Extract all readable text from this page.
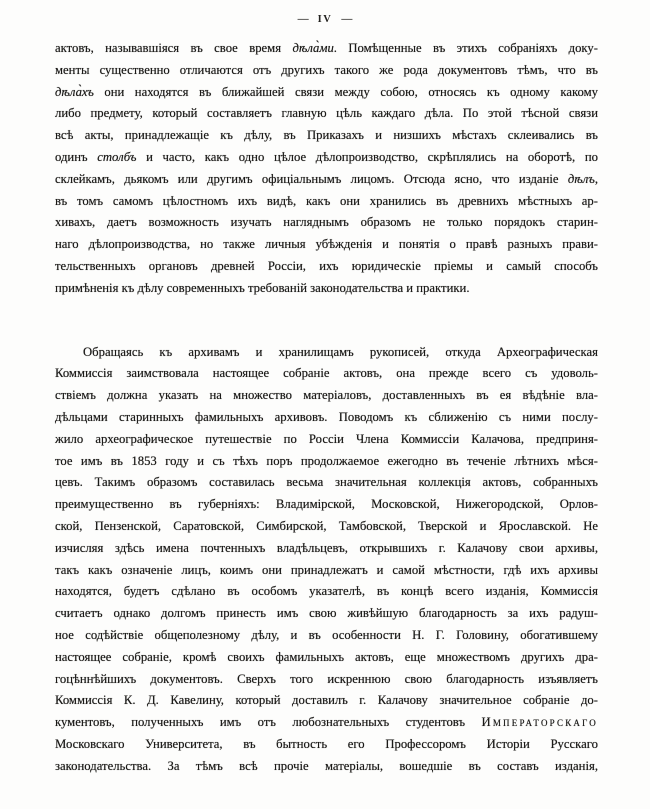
— IV —
актовъ, называвшіяся въ свое время дѣла̀ми. Помѣщенные въ этихъ собраніяхъ доку-
менты существенно отличаются отъ другихъ такого же рода документовъ тѣмъ, что въ
дѣла̀хъ они находятся въ ближайшей связи между собою, относясь къ одному какому
либо предмету, который составляетъ главную цѣль каждаго дѣла. По этой тѣсной связи
всѣ акты, принадлежащіе къ дѣлу, въ Приказахъ и низшихъ мѣстахъ склеивались въ
одинъ столбъ и часто, какъ одно цѣлое дѣлопроизводство, скрѣплялись на оборотѣ, по
склейкамъ, дьякомъ или другимъ офиціальнымъ лицомъ. Отсюда ясно, что изданіе дѣлъ,
въ томъ самомъ цѣлостномъ ихъ видѣ, какъ они хранились въ древнихъ мѣстныхъ ар-
хивахъ, даетъ возможность изучать нагляднымъ образомъ не только порядокъ старин-
наго дѣлопроизводства, но также личныя убѣжденія и понятія о правѣ разныхъ прави-
тельственныхъ органовъ древней Россіи, ихъ юридическіе пріемы и самый способъ
примѣненія къ дѣлу современныхъ требованій законодательства и практики.
Обращаясь къ архивамъ и хранилищамъ рукописей, откуда Археографическая
Коммиссія заимствовала настоящее собраніе актовъ, она прежде всего съ удоволь-
ствіемъ должна указать на множество матеріаловъ, доставленныхъ въ ея вѣдѣніе вла-
дѣльцами старинныхъ фамильныхъ архивовъ. Поводомъ къ сближенію съ ними послу-
жило археографическое путешествіе по Россіи Члена Коммиссіи Калачова, предприня-
тое имъ въ 1853 году и съ тѣхъ поръ продолжаемое ежегодно въ теченіе лѣтнихъ мѣся-
цевъ. Такимъ образомъ составилась весьма значительная коллекція актовъ, собранныхъ
преимущественно въ губерніяхъ: Владимірской, Московской, Нижегородской, Орлов-
ской, Пензенской, Саратовской, Симбирской, Тамбовской, Тверской и Ярославской. Не
изчисляя здѣсь имена почтенныхъ владѣльцевъ, открывшихъ г. Калачову свои архивы,
такъ какъ означеніе лицъ, коимъ они принадлежатъ и самой мѣстности, гдѣ ихъ архивы
находятся, будетъ сдѣлано въ особомъ указателѣ, въ концѣ всего изданія, Коммиссія
считаетъ однако долгомъ принесть имъ свою живѣйшую благодарность за ихъ радуш-
ное содѣйствіе общеполезному дѣлу, и въ особенности Н. Г. Головину, обогатившему
настоящее собраніе, кромѣ своихъ фамильныхъ актовъ, еще множествомъ другихъ дра-
гоцѣннѣйшихъ документовъ. Сверхъ того искреннюю свою благодарность изъявляетъ
Коммиссія К. Д. Кавелину, который доставилъ г. Калачову значительное собраніе до-
кументовъ, полученныхъ имъ отъ любознательныхъ студентовъ Императорскаго
Московскаго Университета, въ бытность его Профессоромъ Исторіи Русскаго
законодательства. За тѣмъ всѣ прочіе матеріалы, вошедшіе въ составъ изданія,
